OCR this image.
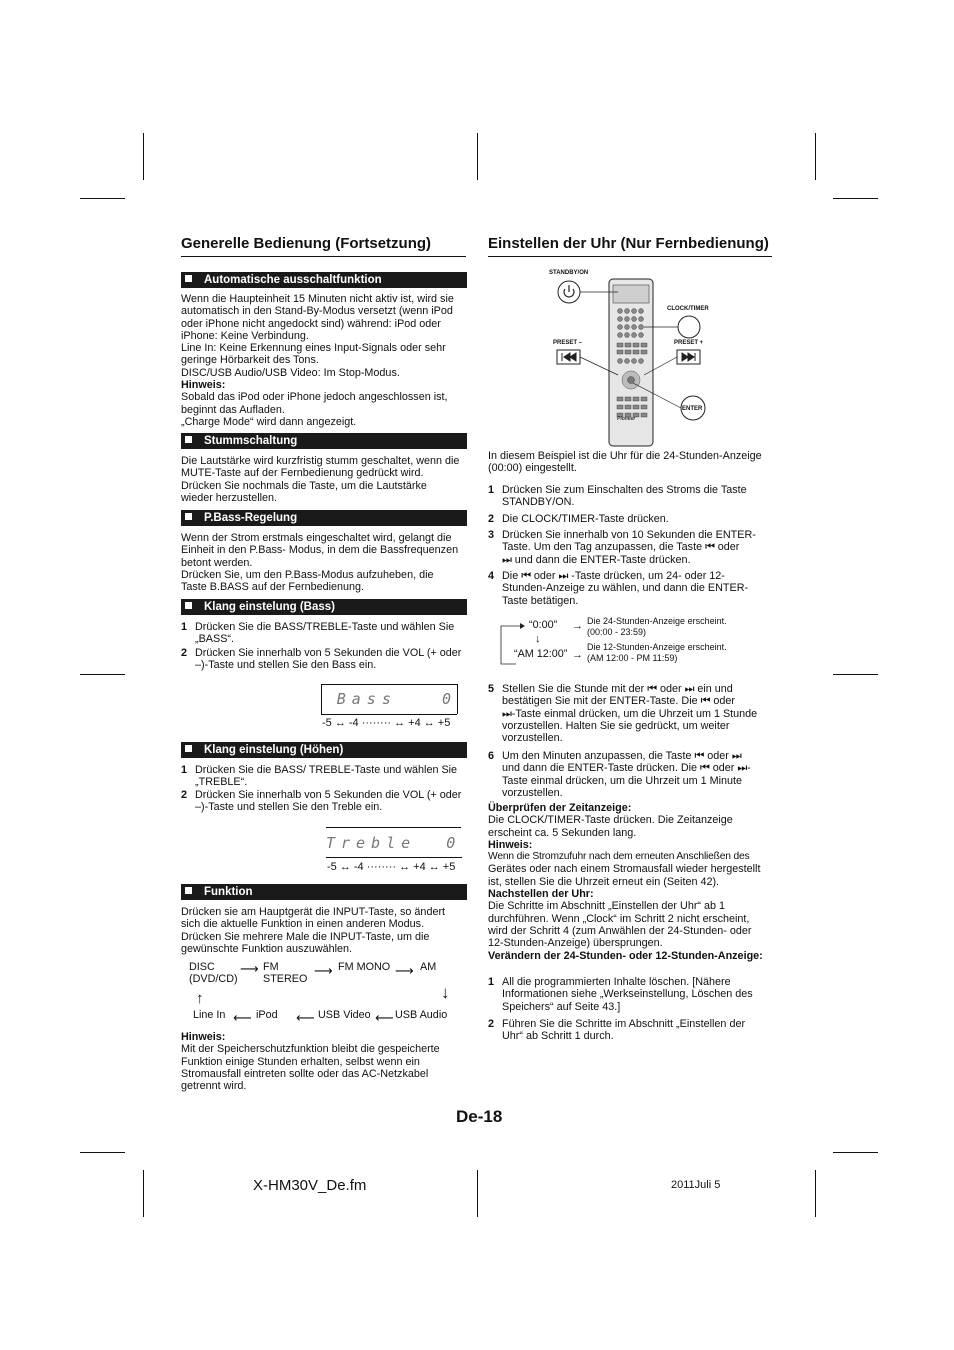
Generelle Bedienung (Fortsetzung)
Automatische ausschaltfunktion

Wenn die Haupteinheit 15 Minuten nicht aktiv ist, wird sie

automatisch in den Stand-By-Modus versetzt (wenn iPod

oder iPhone nicht angedockt sind) während: iPod oder

iPhone: Keine Verbindung.

Line In: Keine Erkennung eines Input-Signals oder sehr

geringe Hörbarkeit des Tons.

DISC/USB Audio/USB Video: Im Stop-Modus.

Hinweis:

Sobald das iPod oder iPhone jedoch angeschlossen ist,

beginnt das Aufladen.

„Charge Mode“ wird dann angezeigt.

Stummschaltung

Die Lautstärke wird kurzfristig stumm geschaltet, wenn die

MUTE-Taste auf der Fernbedienung gedrückt wird.

Drücken Sie nochmals die Taste, um die Lautstärke

wieder herzustellen.

P.Bass-Regelung

Wenn der Strom erstmals eingeschaltet wird, gelangt die

Einheit in den P.Bass- Modus, in dem die Bassfrequenzen

betont werden.

Drücken Sie, um den P.Bass-Modus aufzuheben, die

Taste B.BASS auf der Fernbedienung.

Klang einstelung (Bass)
1 Drücken Sie die BASS/TREBLE-Taste und wählen Sie
„BASS“.
2 Drücken Sie innerhalb von 5 Sekunden die VOL (+ oder
–)-Taste und stellen Sie den Bass ein.
Bass   0
-5 ↔ -4 ········ ↔ +4 ↔ +5
Klang einstelung (Höhen)
1 Drücken Sie die BASS/ TREBLE-Taste und wählen Sie
„TREBLE“.
2 Drücken Sie innerhalb von 5 Sekunden die VOL (+ oder
–)-Taste und stellen Sie den Treble ein.
Treble  0
-5 ↔ -4 ········ ↔ +4 ↔ +5
Funktion

Drücken sie am Hauptgerät die INPUT-Taste, so ändert

sich die aktuelle Funktion in einen anderen Modus.

Drücken Sie mehrere Male die INPUT-Taste, um die

gewünschte Funktion auszuwählen.

DISC
(DVD/CD)
⟶ FM
STEREO
⟶ FM MONO ⟶ AM
↑	↓
Line In ⟵ iPod ⟵ USB Video ⟵ USB Audio

Hinweis:

Mit der Speicherschutzfunktion bleibt die gespeicherte

Funktion einige Stunden erhalten, selbst wenn ein

Stromausfall eintreten sollte oder das AC-Netzkabel

getrennt wird.

Einstellen der Uhr (Nur Fernbedienung)
STANDBY/ON
CLOCK/TIMER
PRESET –	PRESET +
ENTER
Pioneer

In diesem Beispiel ist die Uhr für die 24-Stunden-Anzeige

(00:00) eingestellt.

1 Drücken Sie zum Einschalten des Stroms die Taste
STANDBY/ON.
2 Die CLOCK/TIMER-Taste drücken.
3 Drücken Sie innerhalb von 10 Sekunden die ENTER-
Taste. Um den Tag anzupassen, die Taste ⏮ oder
⏭ und dann die ENTER-Taste drücken.
4 Die ⏮ oder ⏭ -Taste drücken, um 24- oder 12-
Stunden-Anzeige zu wählen, und dann die ENTER-
Taste betätigen.
“0:00” → Die 24-Stunden-Anzeige erscheint.
(00:00 - 23:59)
↓
“AM 12:00” →
Die 12-Stunden-Anzeige erscheint.
(AM 12:00 - PM 11:59)
5 Stellen Sie die Stunde mit der ⏮ oder ⏭ ein und
bestätigen Sie mit der ENTER-Taste. Die ⏮ oder
⏭-Taste einmal drücken, um die Uhrzeit um 1 Stunde
vorzustellen. Halten Sie sie gedrückt, um weiter
vorzustellen.
6 Um den Minuten anzupassen, die Taste ⏮ oder ⏭
und dann die ENTER-Taste drücken. Die ⏮ oder ⏭-
Taste einmal drücken, um die Uhrzeit um 1 Minute
vorzustellen.

Überprüfen der Zeitanzeige:

Die CLOCK/TIMER-Taste drücken. Die Zeitanzeige

erscheint ca. 5 Sekunden lang.

Hinweis:

Wenn die Stromzufuhr nach dem erneuten Anschließen des

Gerätes oder nach einem Stromausfall wieder hergestellt

ist, stellen Sie die Uhrzeit erneut ein (Seiten 42).

Nachstellen der Uhr:

Die Schritte im Abschnitt „Einstellen der Uhr“ ab 1

durchführen. Wenn „Clock“ im Schritt 2 nicht erscheint,

wird der Schritt 4 (zum Anwählen der 24-Stunden- oder

12-Stunden-Anzeige) übersprungen.

Verändern der 24-Stunden- oder 12-Stunden-Anzeige:

1 All die programmierten Inhalte löschen. [Nähere
Informationen siehe „Werkseinstellung, Löschen des
Speichers“ auf Seite 43.]
2 Führen Sie die Schritte im Abschnitt „Einstellen der
Uhr“ ab Schritt 1 durch.
De-18
X-HM30V_De.fm	2011Juli 5
